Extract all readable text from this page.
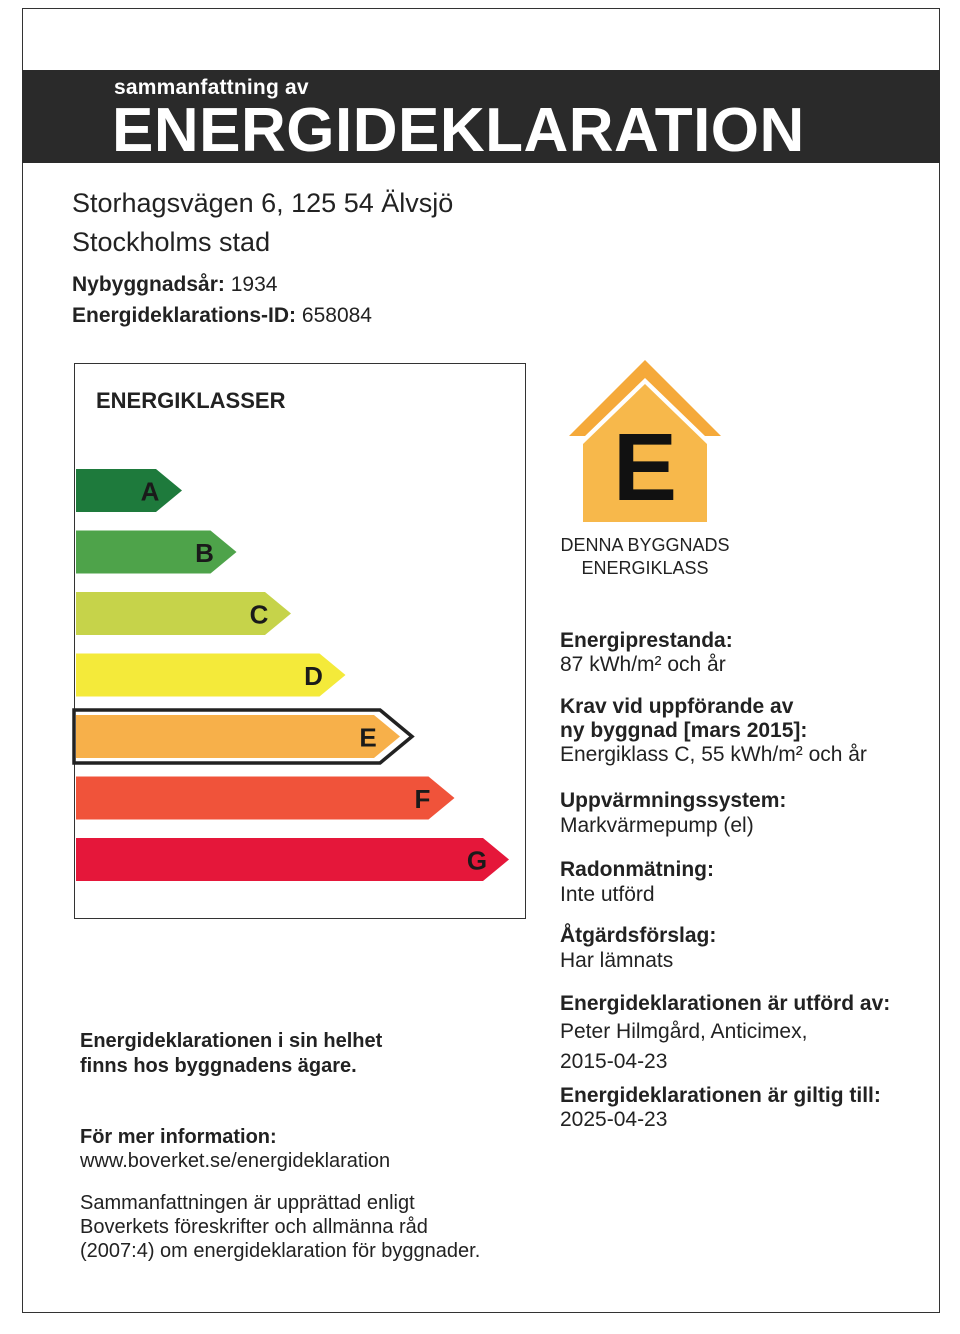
sammanfattning av
ENERGIDEKLARATION
Storhagsvägen 6, 125 54 Älvsjö
Stockholms stad
Nybyggnadsår: 1934
Energideklarations-ID: 658084
ENERGIKLASSER
A
B
C
D
E
F
G
E
DENNA BYGGNADS
ENERGIKLASS
Energiprestanda:
87 kWh/m² och år
Krav vid uppförande av
ny byggnad [mars 2015]:
Energiklass C, 55 kWh/m² och år
Uppvärmningssystem:
Markvärmepump (el)
Radonmätning:
Inte utförd
Åtgärdsförslag:
Har lämnats
Energideklarationen är utförd av:
Peter Hilmgård, Anticimex,
2015-04-23
Energideklarationen är giltig till:
2025-04-23
Energideklarationen i sin helhet
finns hos byggnadens ägare.
För mer information:
www.boverket.se/energideklaration
Sammanfattningen är upprättad enligt
Boverkets föreskrifter och allmänna råd
(2007:4) om energideklaration för byggnader.
